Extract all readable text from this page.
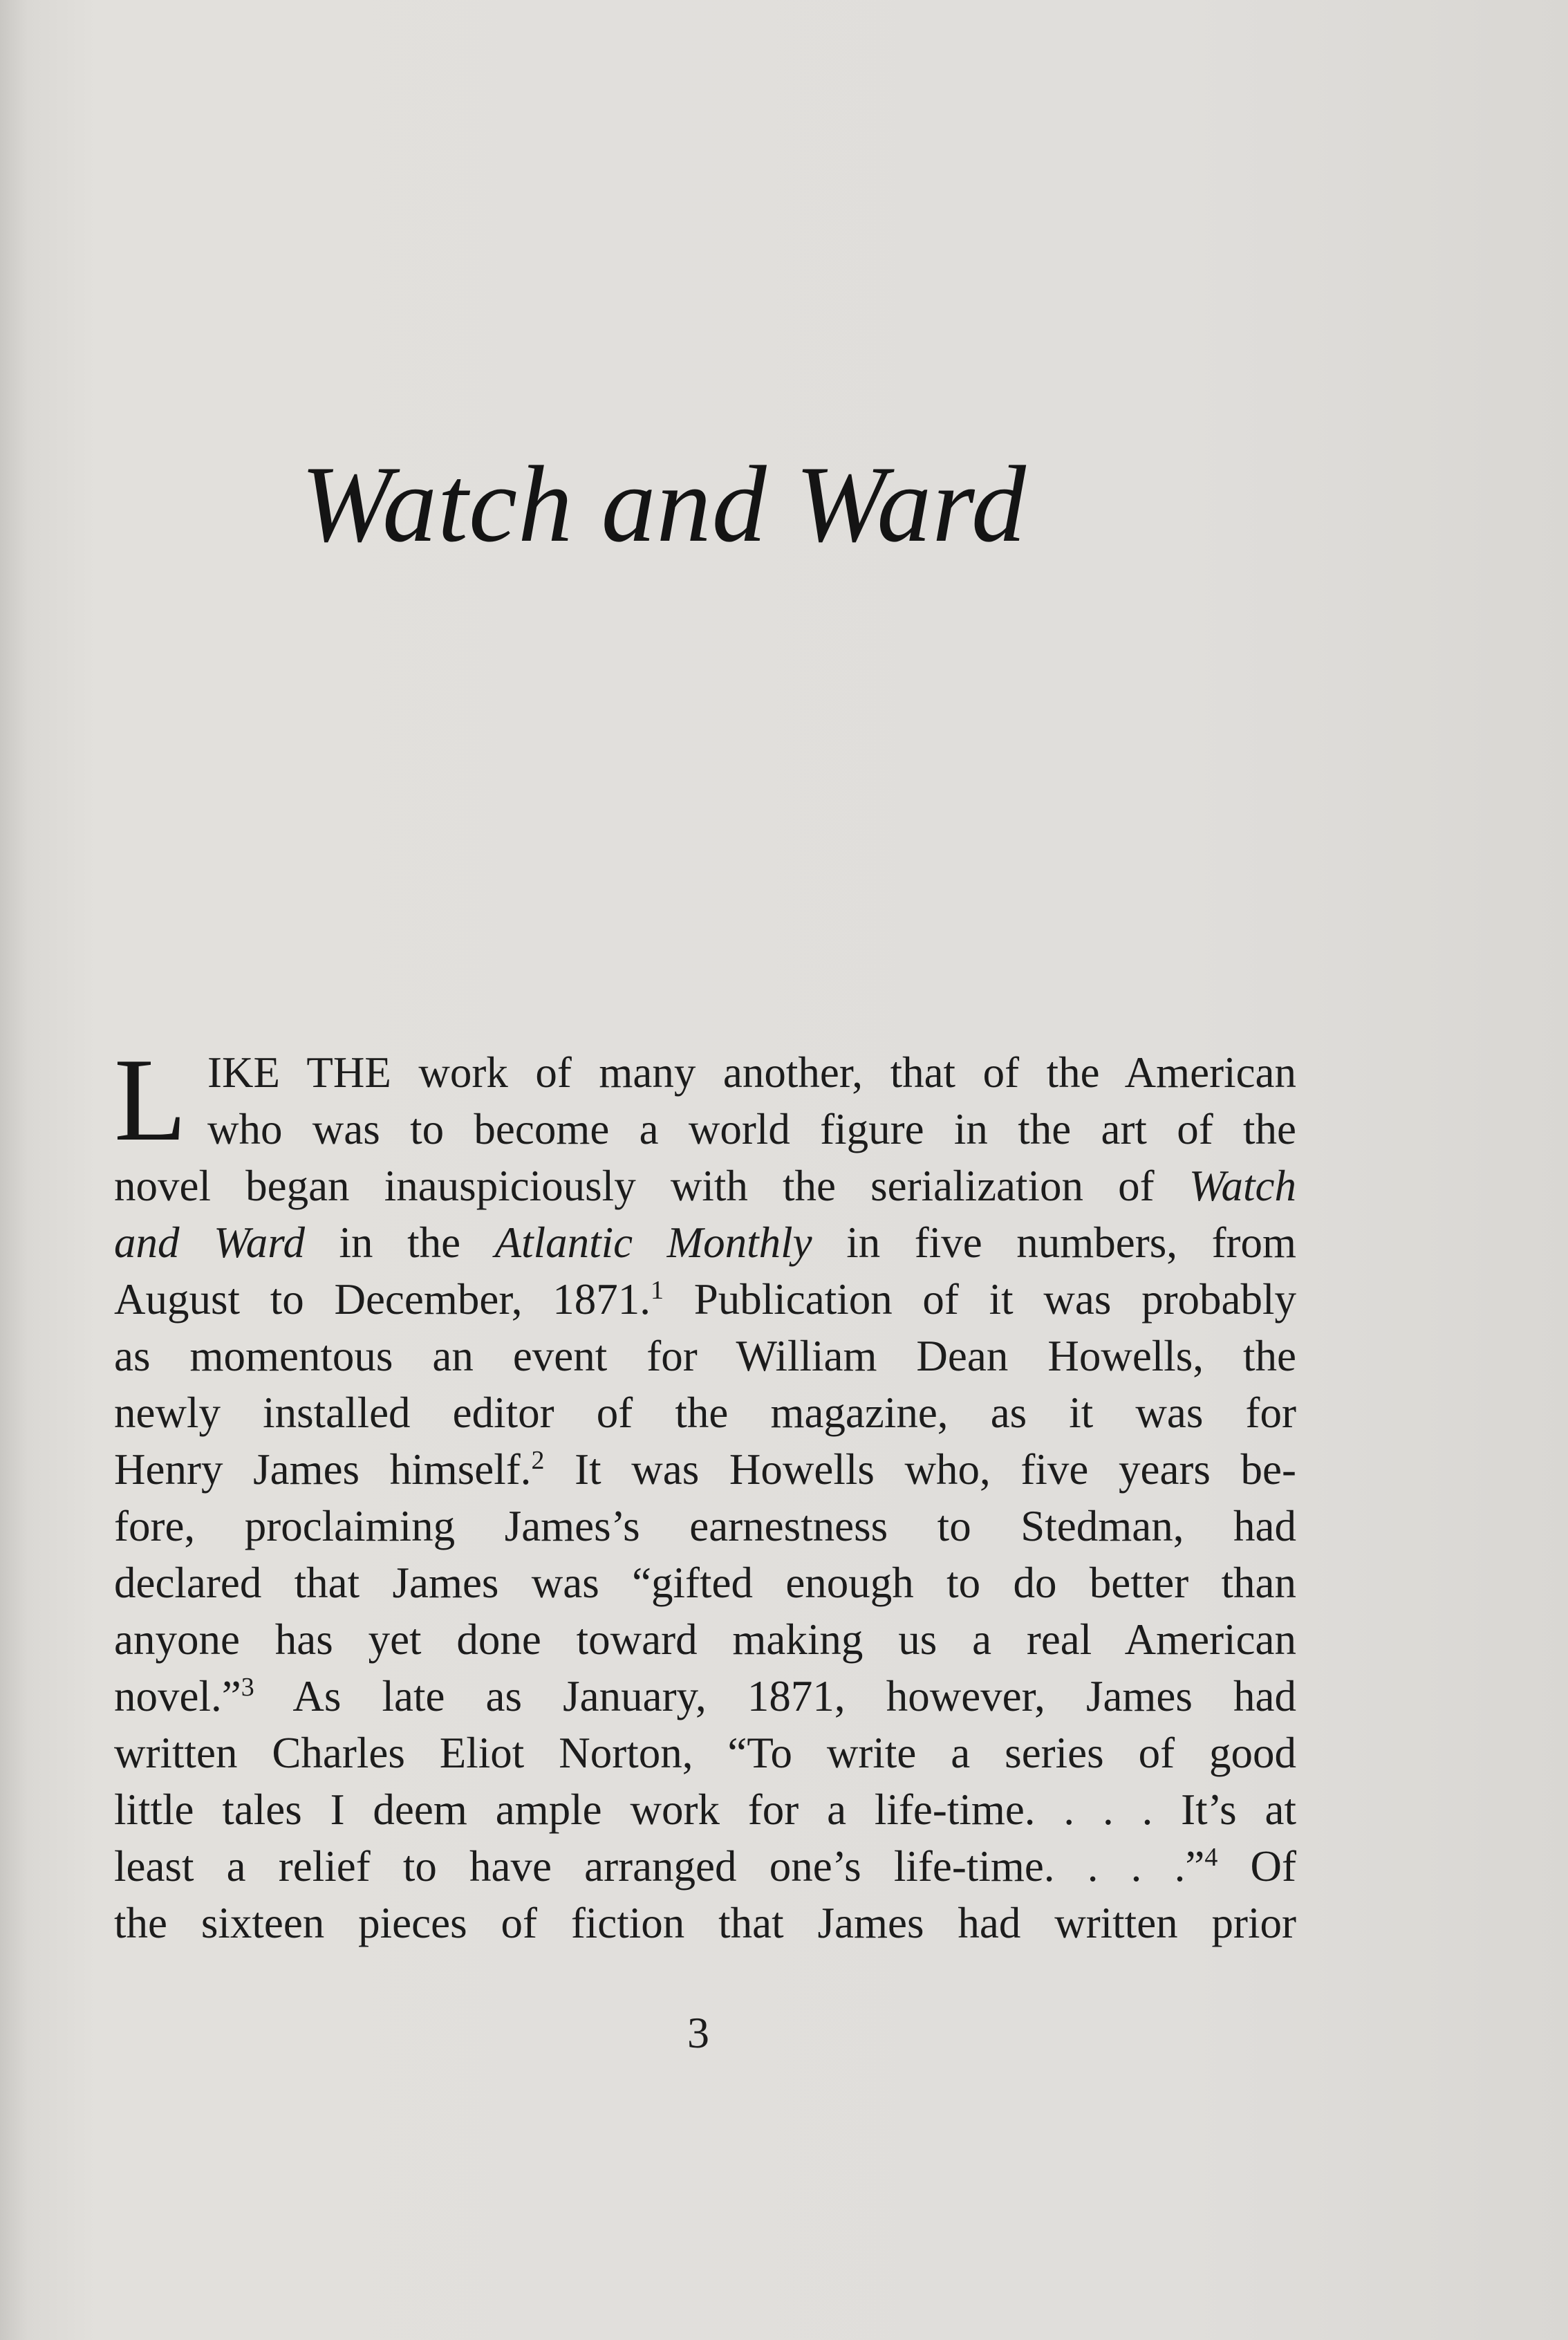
Watch and Ward
L IKE THE work of many another, that of the American
who was to become a world figure in the art of the
novel began inauspiciously with the serialization of Watch
and Ward in the Atlantic Monthly in five numbers, from
August to December, 1871.$^1$ Publication of it was probably
as momentous an event for William Dean Howells, the
newly installed editor of the magazine, as it was for
Henry James himself.$^2$ It was Howells who, five years be-
fore, proclaiming James’s earnestness to Stedman, had
declared that James was “gifted enough to do better than
anyone has yet done toward making us a real American
novel.”$^3$ As late as January, 1871, however, James had
written Charles Eliot Norton, “To write a series of good
little tales I deem ample work for a life-time. . . . It’s at
least a relief to have arranged one’s life-time. . . .”$^4$ Of
the sixteen pieces of fiction that James had written prior
3
